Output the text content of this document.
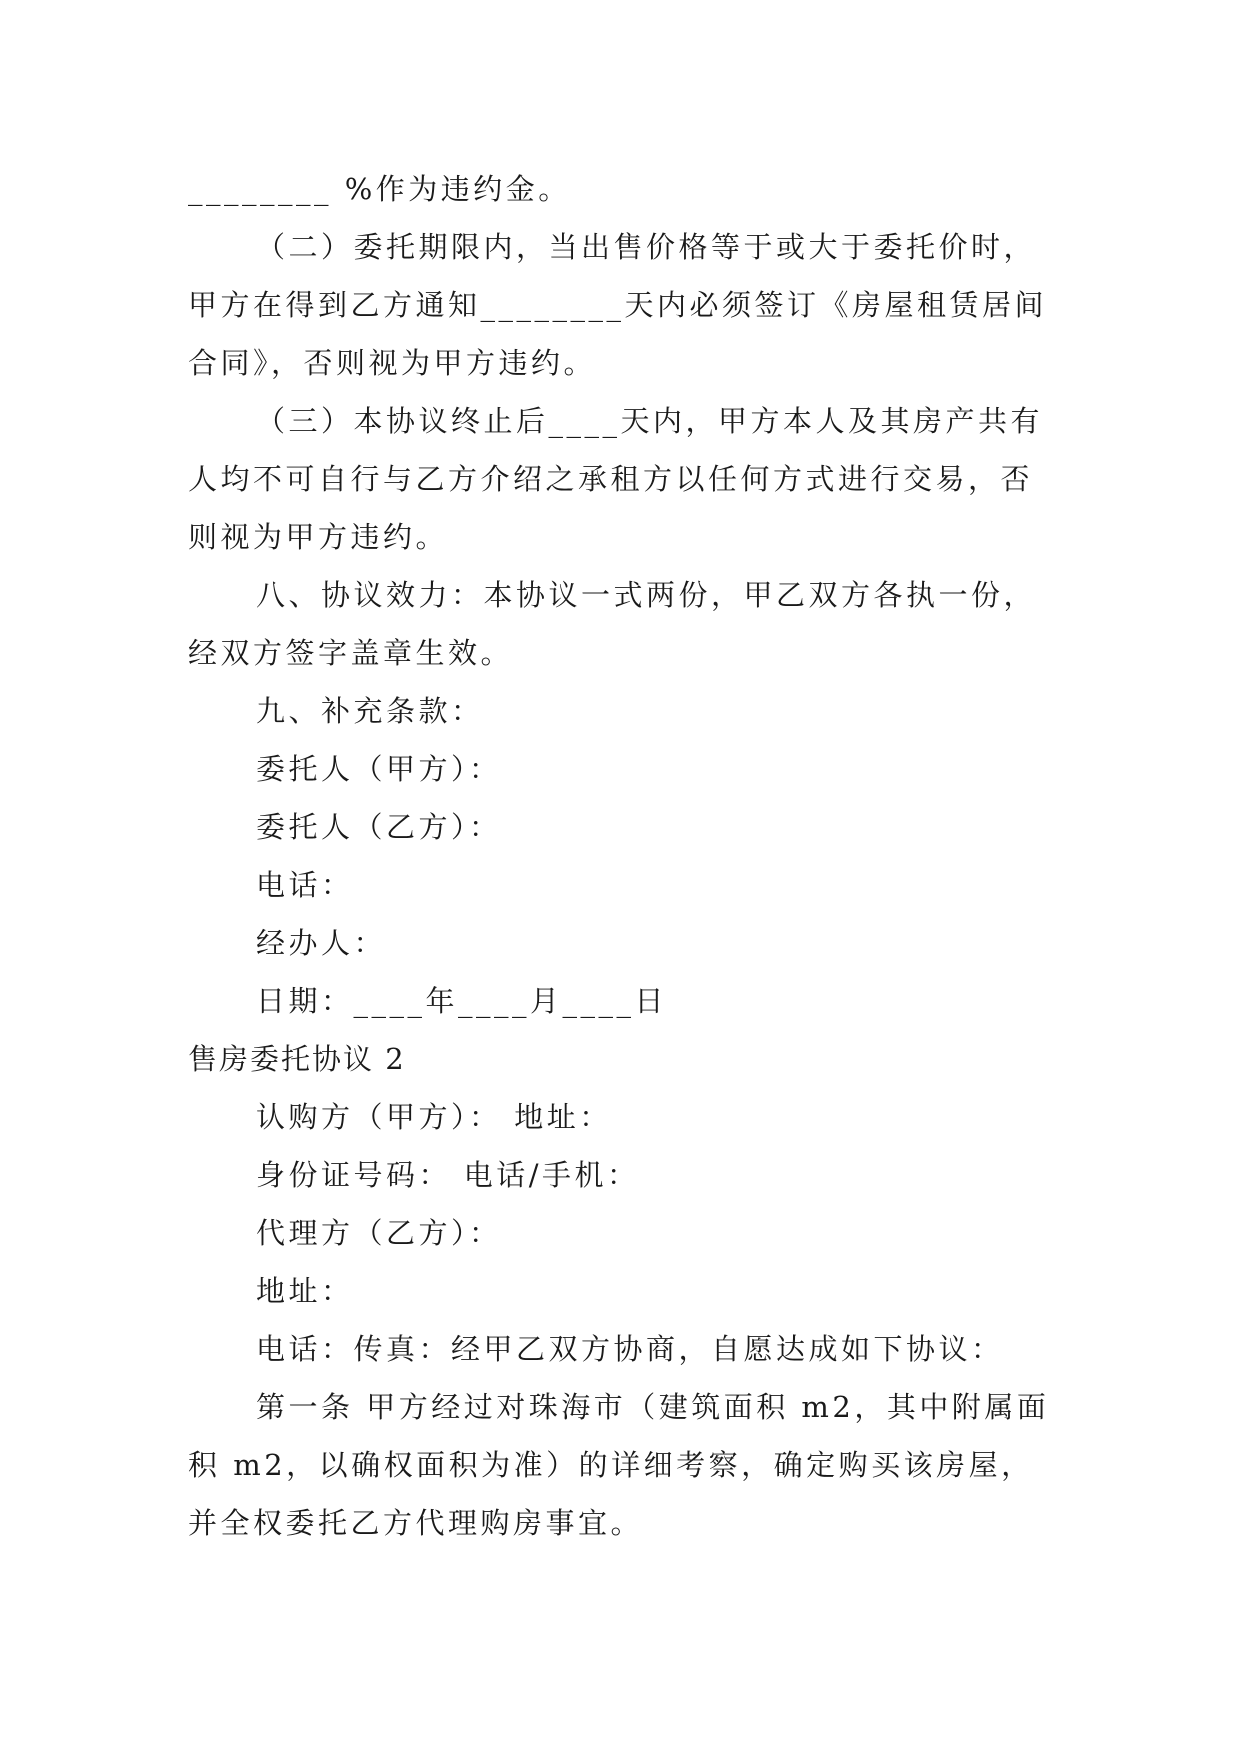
________ %作为违约金。
（二）委托期限内，当出售价格等于或大于委托价时，
甲方在得到乙方通知________天内必须签订《房屋租赁居间
合同》，否则视为甲方违约。
（三）本协议终止后____天内，甲方本人及其房产共有
人均不可自行与乙方介绍之承租方以任何方式进行交易，否
则视为甲方违约。
八、协议效力：本协议一式两份，甲乙双方各执一份，
经双方签字盖章生效。
九、补充条款：
委托人（甲方）：
委托人（乙方）：
电话：
经办人：
日期：____年____月____日
售房委托协议 2
认购方（甲方）： 地址：
身份证号码： 电话/手机：
代理方（乙方）：
地址：
电话：传真：经甲乙双方协商，自愿达成如下协议：
第一条 甲方经过对珠海市（建筑面积 m2，其中附属面
积 m2，以确权面积为准）的详细考察，确定购买该房屋，
并全权委托乙方代理购房事宜。
